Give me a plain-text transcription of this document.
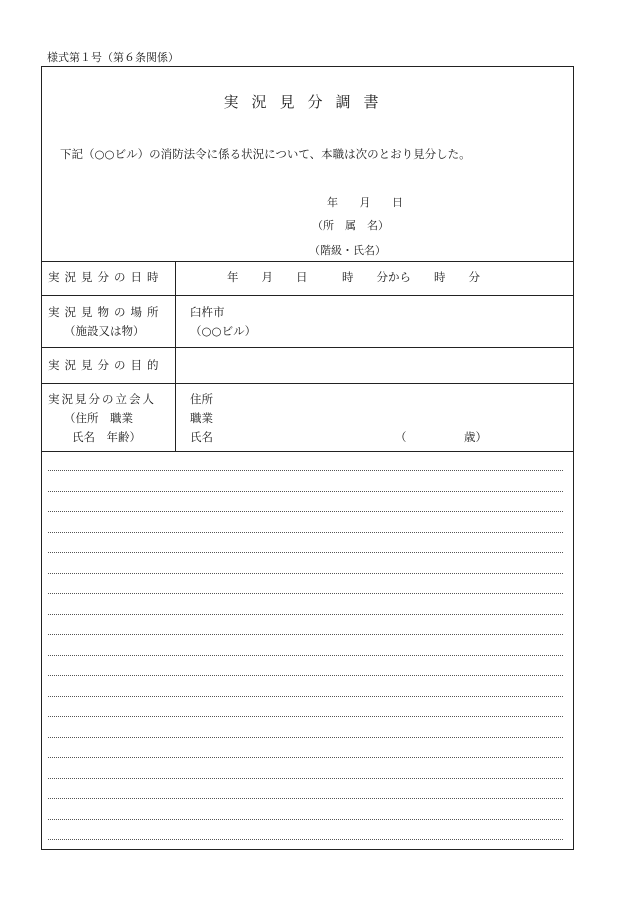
様式第１号（第６条関係）
実況見分調書
下記（○○ビル）の消防法令に係る状況について、本職は次のとおり見分した。
年 月 日
（所　属　名）
（階級・氏名）
実況見分の日時	年　　月　　日　　　時　　分から　　時　　分
実況見物の場所
（施設又は物）
臼杵市
（○○ビル）
実況見分の目的
実況見分の立会人
（住所　職業
氏名　年齢）
住所
職業
氏名	（　　　　　歳）
